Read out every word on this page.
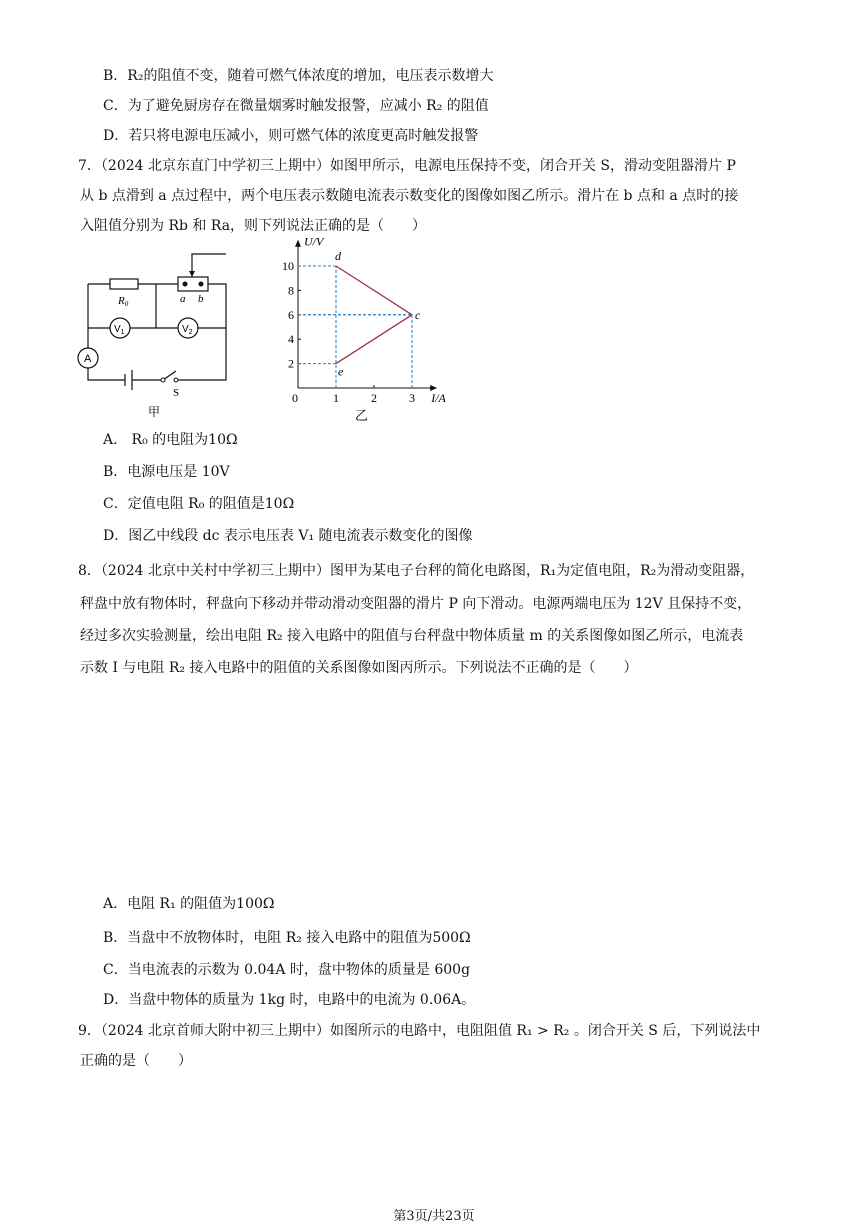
B．R₂的阻值不变，随着可燃气体浓度的增加，电压表示数增大
C．为了避免厨房存在微量烟雾时触发报警，应减小 R₂ 的阻值
D．若只将电源电压减小，则可燃气体的浓度更高时触发报警
7．（2024 北京东直门中学初三上期中）如图甲所示，电源电压保持不变，闭合开关 S，滑动变阻器滑片 P
从 b 点滑到 a 点过程中，两个电压表示数随电流表示数变化的图像如图乙所示。滑片在 b 点和 a 点时的接
入阻值分别为 Rb 和 Ra，则下列说法正确的是（　　）
R0	a b
$V_1$	$V_2$
A
S
甲
U/V
I/A
0	1	2	3
2
4
6
8
10
d
c
e
乙
A． R₀ 的电阻为10Ω
B．电源电压是 10V
C．定值电阻 R₀ 的阻值是10Ω
D．图乙中线段 dc 表示电压表 V₁ 随电流表示数变化的图像
8．（2024 北京中关村中学初三上期中）图甲为某电子台秤的简化电路图，R₁为定值电阻，R₂为滑动变阻器，
秤盘中放有物体时，秤盘向下移动并带动滑动变阻器的滑片 P 向下滑动。电源两端电压为 12V 且保持不变，
经过多次实验测量，绘出电阻 R₂ 接入电路中的阻值与台秤盘中物体质量 m 的关系图像如图乙所示，电流表
示数 I 与电阻 R₂ 接入电路中的阻值的关系图像如图丙所示。下列说法不正确的是（　　）
A．电阻 R₁ 的阻值为100Ω
B．当盘中不放物体时，电阻 R₂ 接入电路中的阻值为500Ω
C．当电流表的示数为 0.04A 时，盘中物体的质量是 600g
D．当盘中物体的质量为 1kg 时，电路中的电流为 0.06A。
9．（2024 北京首师大附中初三上期中）如图所示的电路中，电阻阻值 R₁ > R₂ 。闭合开关 S 后，下列说法中
正确的是（　　）
第3页/共23页
